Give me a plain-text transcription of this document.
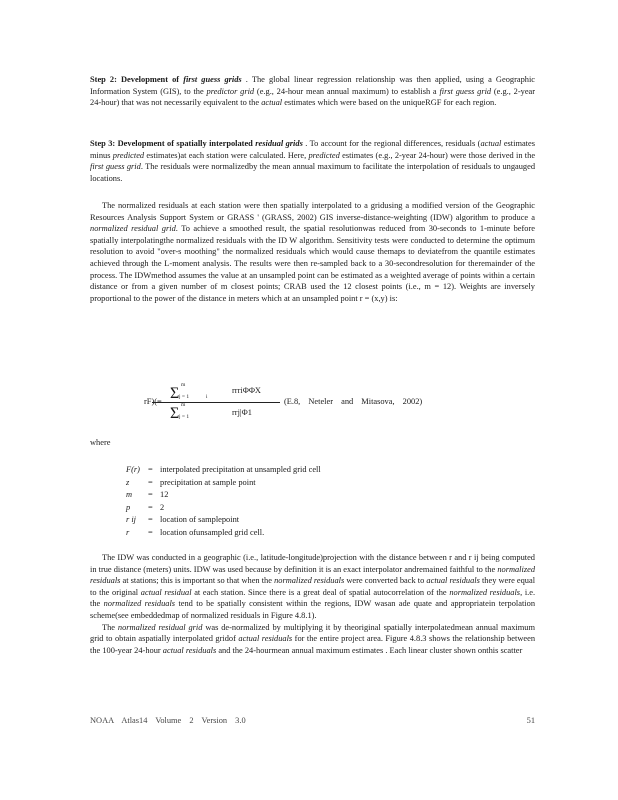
Step 2: Development of first guess grids . The global linear regression relationship was then applied, using a Geographic Information System (GIS), to the predictor grid (e.g., 24-hour mean annual maximum) to establish a first guess grid (e.g., 2-year 24-hour) that was not necessarily equivalent to the actual estimates which were based on the uniqueRGF for each region.

Step 3: Development of spatially interpolated residual grids . To account for the regional differences, residuals (actual estimates minus predicted estimates)at each station were calculated. Here, predicted estimates (e.g., 2-year 24-hour) were those derived in the first guess grid. The residuals were normalizedby the mean annual maximum to facilitate the interpolation of residuals to ungauged locations.

The normalized residuals at each station were then spatially interpolated to a gridusing a modified version of the Geographic Resources Analysis Support System or GRASS ' (GRASS, 2002) GIS inverse-distance-weighting (IDW) algorithm to produce a normalized residual grid. To achieve a smoothed result, the spatial resolutionwas reduced from 30-seconds to 1-minute before spatially interpolatingthe normalized residuals with the ID W algorithm. Sensitivity tests were conducted to determine the optimum resolution to avoid "over-s moothing" the normalized residuals which would cause themaps to deviatefrom the quantile estimates achieved through the L-moment analysis. The results were then re-sampled back to a 30-secondresolution for theremainder of the process. The IDWmethod assumes the value at an unsampled point can be estimated as a weighted average of points within a certain distance or from a given number of m closest points; CRAB used the 12 closest points (i.e., m = 12). Weights are inversely proportional to the power of the distance in meters which at an unsampled point r = (x,y) is:

rF)(= Σ m
j = 1	i
rrriΦΦX
Σ m
j = 1	rrj|Φ1
(E.8, Neteler and Mitasova, 2002)
where
F(r) = interpolated precipitation at unsampled grid cell
z	= precipitation at sample point
m	= 12
p	= 2
r ij	= location of samplepoint
r	= location ofunsampled grid cell.

The IDW was conducted in a geographic (i.e., latitude-longitude)projection with the distance between r and r ij being computed in true distance (meters) units. IDW was used because by definition it is an exact interpolator andremained faithful to the normalized residuals at stations; this is important so that when the normalized residuals were converted back to actual residuals they were equal to the original actual residual at each station. Since there is a great deal of spatial autocorrelation of the normalized residuals, i.e. the normalized residuals tend to be spatially consistent within the regions, IDW wasan ade quate and appropriatein terpolation scheme(see embeddedmap of normalized residuals in Figure 4.8.1).

The normalized residual grid was de-normalized by multiplying it by theoriginal spatially interpolatedmean annual maximum grid to obtain aspatially interpolated gridof actual residuals for the entire project area. Figure 4.8.3 shows the relationship between the 100-year 24-hour actual residuals and the 24-hourmean annual maximum estimates . Each linear cluster shown onthis scatter

NOAA Atlas14 Volume 2 Version 3.0	51
